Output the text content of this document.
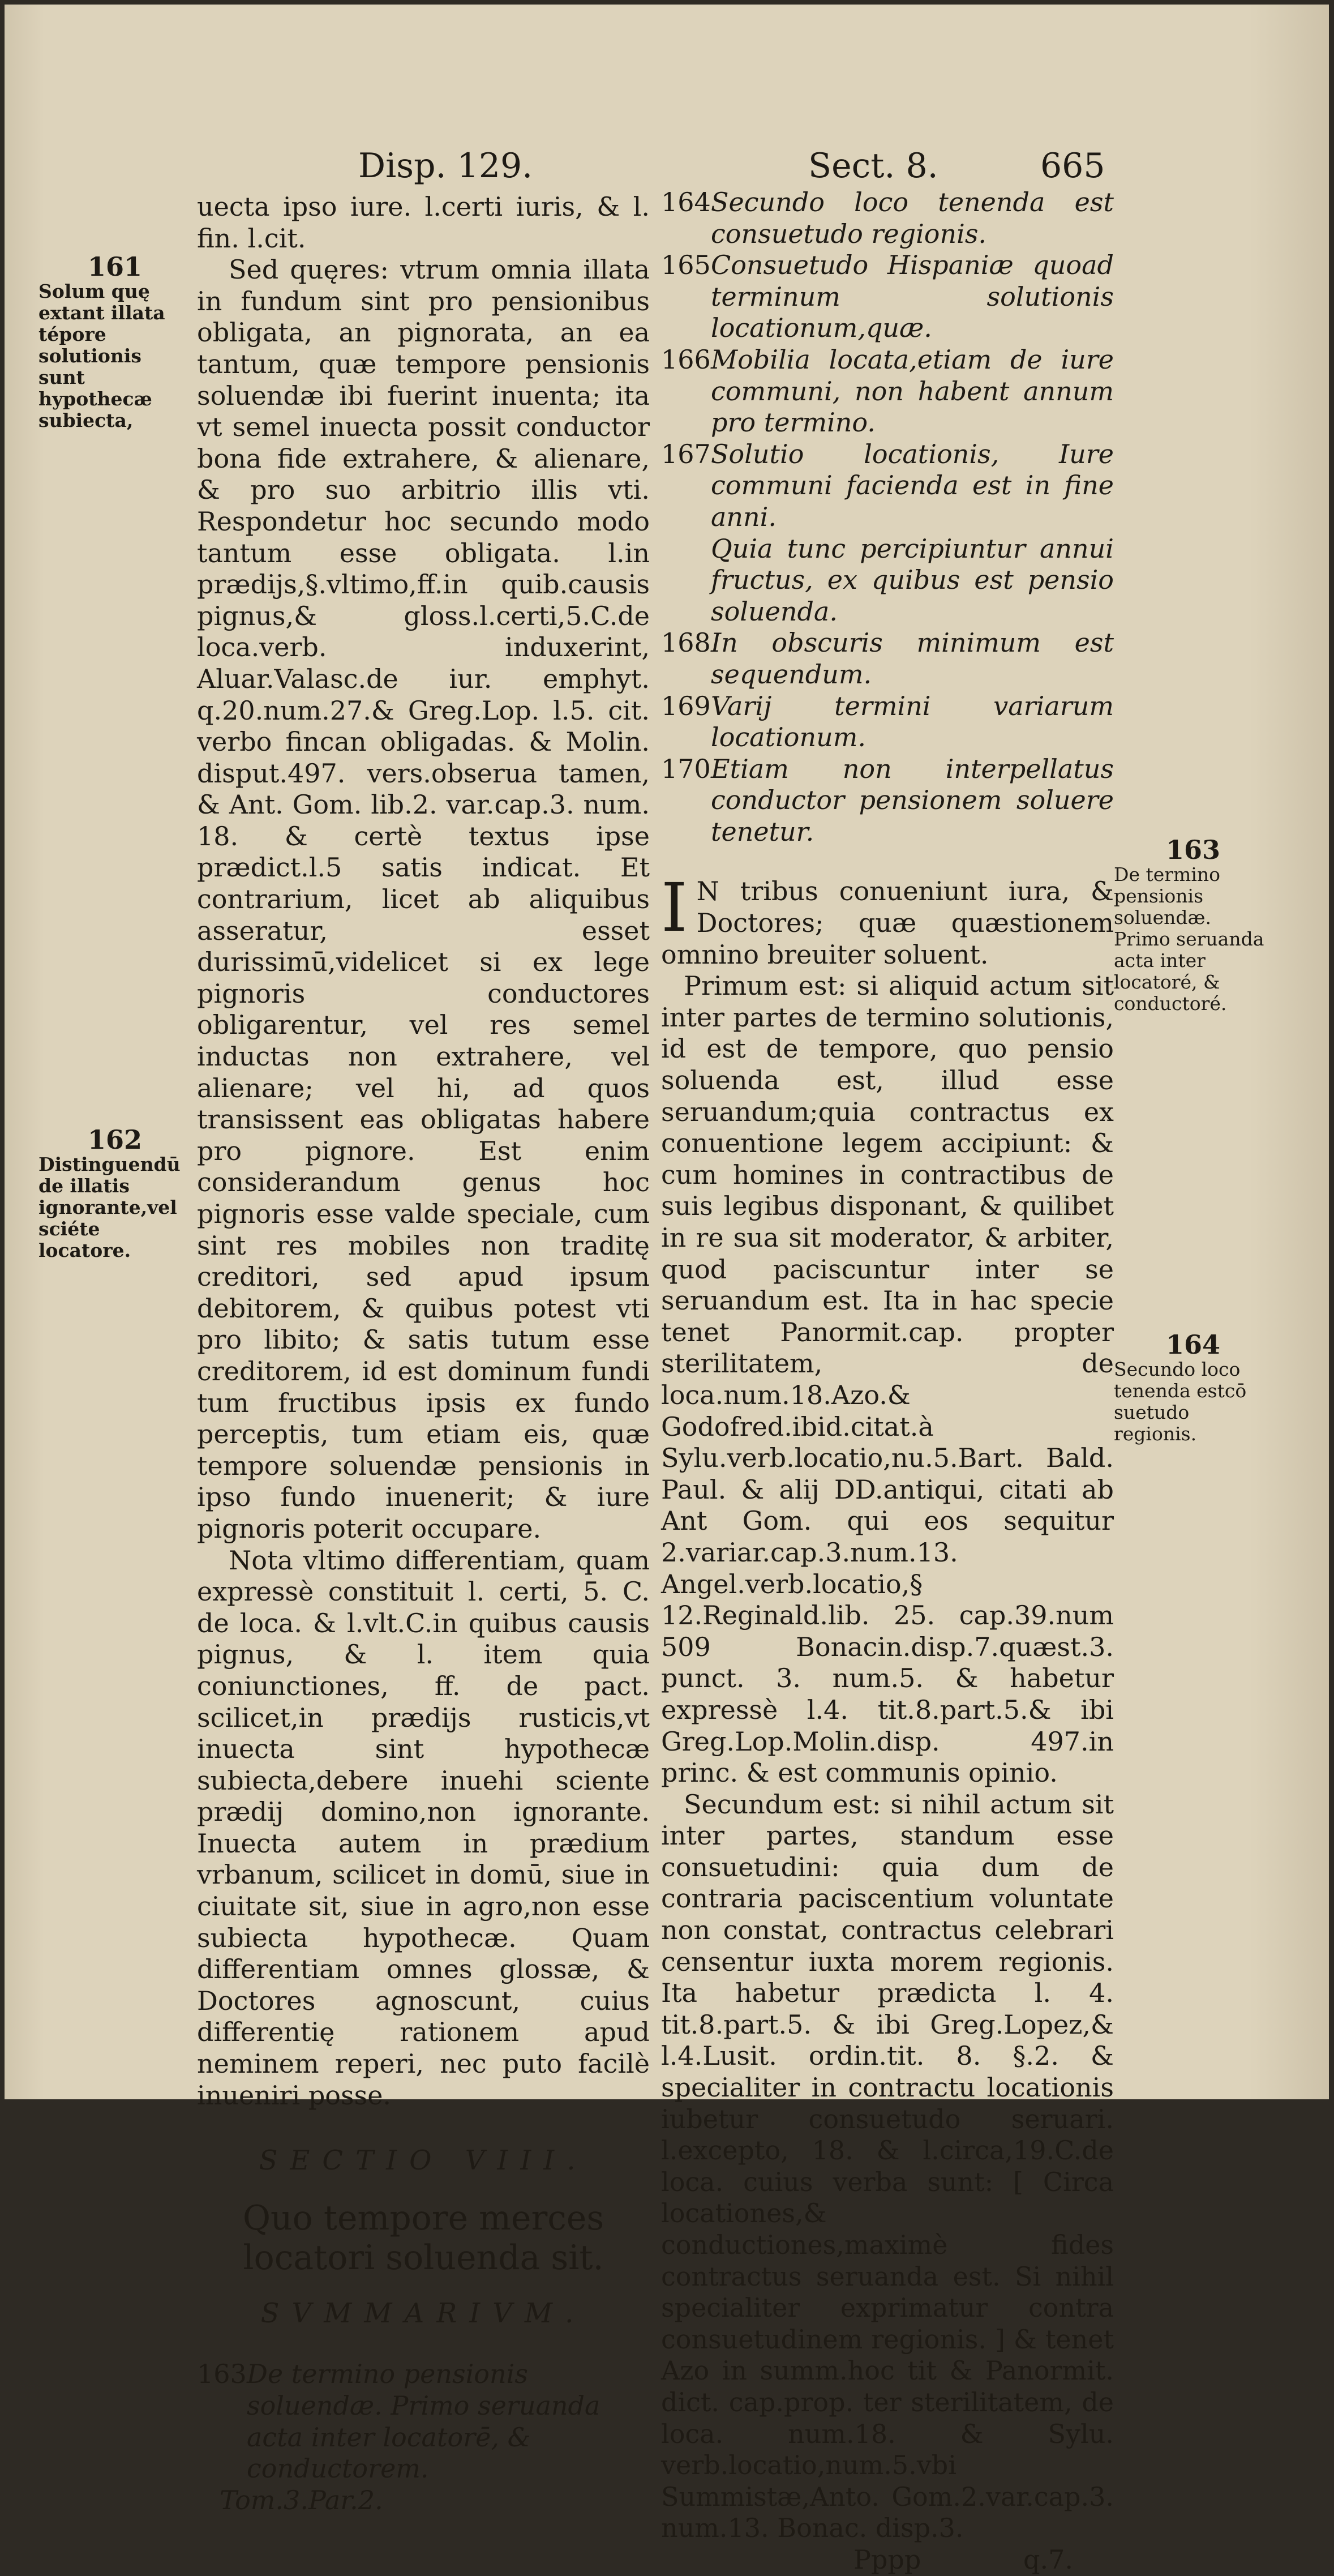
Disp. 129.	Sect. 8.	665
161
Solum quę extant illata tépore solutionis sunt hypothecæ subiecta,
162
Distinguendū de illatis ignorante,vel sciéte locatore.
163
De termino pensionis soluendæ. Primo seruanda acta inter locatoré, & conductoré.
164
Secundo loco tenenda estcō suetudo regionis.

uecta ipso iure. l.certi iuris, & l. fin. l.cit.

Sed quęres: vtrum omnia illata in fundum sint pro pensionibus obligata, an pignorata, an ea tantum, quæ tempore pensionis soluendæ ibi fuerint inuenta; ita vt semel inuecta possit conductor bona fide extrahere, & alienare, & pro suo arbitrio illis vti. Respondetur hoc secundo modo tantum esse obligata. l.in prædijs,§.vltimo,ff.in quib.causis pignus,& gloss.l.certi,5.C.de loca.verb. induxerint, Aluar.Valasc.de iur. emphyt. q.20.num.27.& Greg.Lop. l.5. cit. verbo fincan obligadas. & Molin. disput.497. vers.obserua tamen, & Ant. Gom. lib.2. var.cap.3. num. 18. & certè textus ipse prædict.l.5 satis indicat. Et contrarium, licet ab aliquibus asseratur, esset durissimū,videlicet si ex lege pignoris conductores obligarentur, vel res semel inductas non extrahere, vel alienare; vel hi, ad quos transissent eas obligatas habere pro pignore. Est enim considerandum genus hoc pignoris esse valde speciale, cum sint res mobiles non traditę creditori, sed apud ipsum debitorem, & quibus potest vti pro libito; & satis tutum esse creditorem, id est dominum fundi tum fructibus ipsis ex fundo perceptis, tum etiam eis, quæ tempore soluendæ pensionis in ipso fundo inuenerit; & iure pignoris poterit occupare.

Nota vltimo differentiam, quam expressè constituit l. certi, 5. C. de loca. & l.vlt.C.in quibus causis pignus, & l. item quia coniunctiones, ff. de pact. scilicet,in prædijs rusticis,vt inuecta sint hypothecæ subiecta,debere inuehi sciente prædij domino,non ignorante. Inuecta autem in prædium vrbanum, scilicet in domū, siue in ciuitate sit, siue in agro,non esse subiecta hypothecæ. Quam differentiam omnes glossæ, & Doctores agnoscunt, cuius differentię rationem apud neminem reperi, nec puto facilè inueniri posse.

SECTIO VIII.
Quo tempore merces locatori soluenda sit.
SVMMARIVM.
163 De termino pensionis soluendæ. Primo seruanda acta inter locatorē, & conductorem.
Tom.3.Par.2.
164 Secundo loco tenenda est consuetudo regionis.
165 Consuetudo Hispaniæ quoad terminum solutionis locationum,quæ.
166 Mobilia locata,etiam de iure communi, non habent annum pro termino.
167 Solutio locationis, Iure communi facienda est in fine anni.
Quia tunc percipiuntur annui fructus, ex quibus est pensio soluenda.
168 In obscuris minimum est sequendum.
169 Varij termini variarum locationum.
170 Etiam non interpellatus conductor pensionem soluere tenetur.

I N tribus conueniunt iura, & Doctores; quæ quæstionem omnino breuiter soluent.

Primum est: si aliquid actum sit inter partes de termino solutionis, id est de tempore, quo pensio soluenda est, illud esse seruandum;quia contractus ex conuentione legem accipiunt: & cum homines in contractibus de suis legibus disponant, & quilibet in re sua sit moderator, & arbiter, quod paciscuntur inter se seruandum est. Ita in hac specie tenet Panormit.cap. propter sterilitatem, de loca.num.18.Azo.& Godofred.ibid.citat.à Sylu.verb.locatio,nu.5.Bart. Bald. Paul. & alij DD.antiqui, citati ab Ant Gom. qui eos sequitur 2.variar.cap.3.num.13. Angel.verb.locatio,§ 12.Reginald.lib. 25. cap.39.num 509 Bonacin.disp.7.quæst.3. punct. 3. num.5. & habetur expressè l.4. tit.8.part.5.& ibi Greg.Lop.Molin.disp. 497.in princ. & est communis opinio.

Secundum est: si nihil actum sit inter partes, standum esse consuetudini: quia dum de contraria paciscentium voluntate non constat, contractus celebrari censentur iuxta morem regionis. Ita habetur prædicta l. 4. tit.8.part.5. & ibi Greg.Lopez,& l.4.Lusit. ordin.tit. 8. §.2. & specialiter in contractu locationis iubetur consuetudo seruari. l.excepto, 18. & l.circa,19.C.de loca. cuius verba sunt: [ Circa locationes,& conductiones,maximè fides contractus seruanda est. Si nihil specialiter exprimatur contra consuetudinem regionis. ] & tenet Azo in summ.hoc tit & Panormit. dict. cap.prop. ter sterilitatem, de loca. num.18. & Sylu. verb.locatio,num.5.vbi Summistæ,Anto. Gom.2.var.cap.3. num.13. Bonac. disp.3.

Pppp	q.7.
